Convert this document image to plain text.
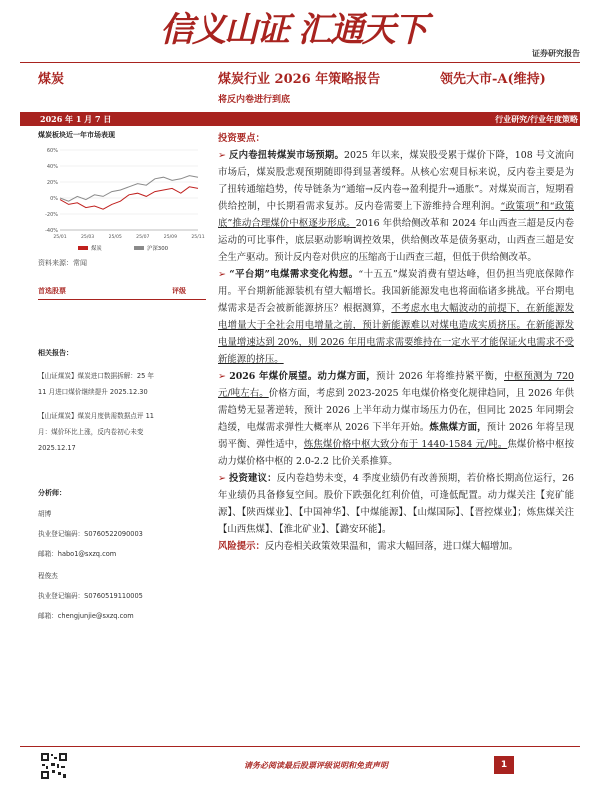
信义山证 汇通天下
证券研究报告
煤炭	煤炭行业 2026 年策略报告	领先大市-A(维持)
将反内卷进行到底
2026 年 1 月 7 日	行业研究/行业年度策略
煤炭板块近一年市场表现
-40%
-20%
0%
20%
40%
60%
25/01	25/03	25/05	25/07	25/09	25/11
煤炭	沪深300
资料来源：常闻
首选股票	评级
相关报告：
【山证煤炭】煤炭进口数据拆解：25 年
11 月进口煤价继续提升 2025.12.30
【山证煤炭】煤炭月度供需数据点评 11
月：煤价环比上涨，反内卷初心未变
2025.12.17
分析师：
胡博
执业登记编码：S0760522090003
邮箱：habo1@sxzq.com
程俊杰
执业登记编码：S0760519110005
邮箱：chengjunjie@sxzq.com

投资要点：

➢ 反内卷扭转煤炭市场预期。2025 年以来，煤炭股受累于煤价下降，108 号文流向市场后，煤炭股悲观预期随即得到显著缓释。从核心宏观目标来说，反内卷主要是为了扭转通缩趋势，传导链条为“通缩→反内卷→盈利提升→通胀”。对煤炭而言，短期看供给控制，中长期看需求复苏。反内卷需要上下游维持合理利润。“政策项”和“政策底”推动合理煤价中枢逐步形成。2016 年供给侧改革和 2024 年山西查三超是反内卷运动的可比事件，底层驱动影响调控效果，供给侧改革是债务驱动，山西查三超是安全生产驱动。预计反内卷对供应的压缩高于山西查三超，但低于供给侧改革。

➢ “平台期”电煤需求变化构想。“十五五”煤炭消费有望达峰，但仍担当兜底保障作用。平台期新能源装机有望大幅增长。我国新能源发电也将面临诸多挑战。平台期电煤需求是否会被新能源挤压？根据测算，不考虑水电大幅波动的前提下，在新能源发电增量大于全社会用电增量之前，预计新能源难以对煤电造成实质挤压。在新能源发电量增速达到 20%，则 2026 年用电需求需要维持在一定水平才能保证火电需求不受新能源的挤压。

➢ 2026 年煤价展望。动力煤方面，预计 2026 年将维持紧平衡，中枢预测为 720 元/吨左右。价格方面，考虑到 2023-2025 年电煤价格变化规律趋同，且 2026 年供需趋势无显著逆转，预计 2026 上半年动力煤市场压力仍在，但同比 2025 年同期会趋缓，电煤需求弹性大概率从 2026 下半年开始。炼焦煤方面，预计 2026 年将呈现弱平衡、弹性适中，炼焦煤价格中枢大致分布于 1440-1584 元/吨。焦煤价格中枢按动力煤价格中枢的 2.0-2.2 比价关系推算。

➢ 投资建议：反内卷趋势未变，4 季度业绩仍有改善预期，若价格长期高位运行，26 年业绩仍具备修复空间。股价下跌强化红利价值，可逢低配置。动力煤关注【兖矿能源】、【陕西煤业】、【中国神华】、【中煤能源】、【山煤国际】、【晋控煤业】；炼焦煤关注【山西焦煤】、【淮北矿业】、【潞安环能】。

风险提示：反内卷相关政策效果温和，需求大幅回落，进口煤大幅增加。

请务必阅读最后股票评级说明和免责声明	1
